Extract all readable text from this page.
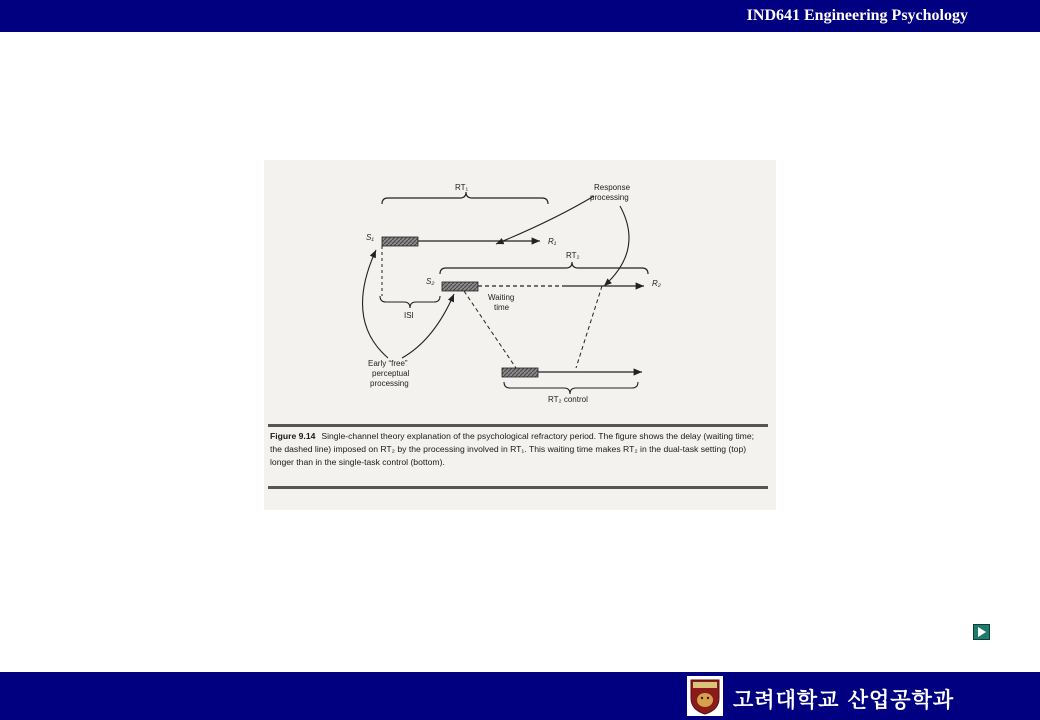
IND641 Engineering Psychology
RT₁	Response
processing
S₁	R₁
RT₂
S₂	R₂
Waiting
time
ISI
Early “free”
perceptual
processing
RT₂ control
Figure 9.14 Single-channel theory explanation of the psychological refractory period. The figure shows the delay (waiting time; the dashed line) imposed on RT₂ by the processing involved in RT₁. This waiting time makes RT₂ in the dual-task setting (top) longer than in the single-task control (bottom).
고려대학교 산업공학과
